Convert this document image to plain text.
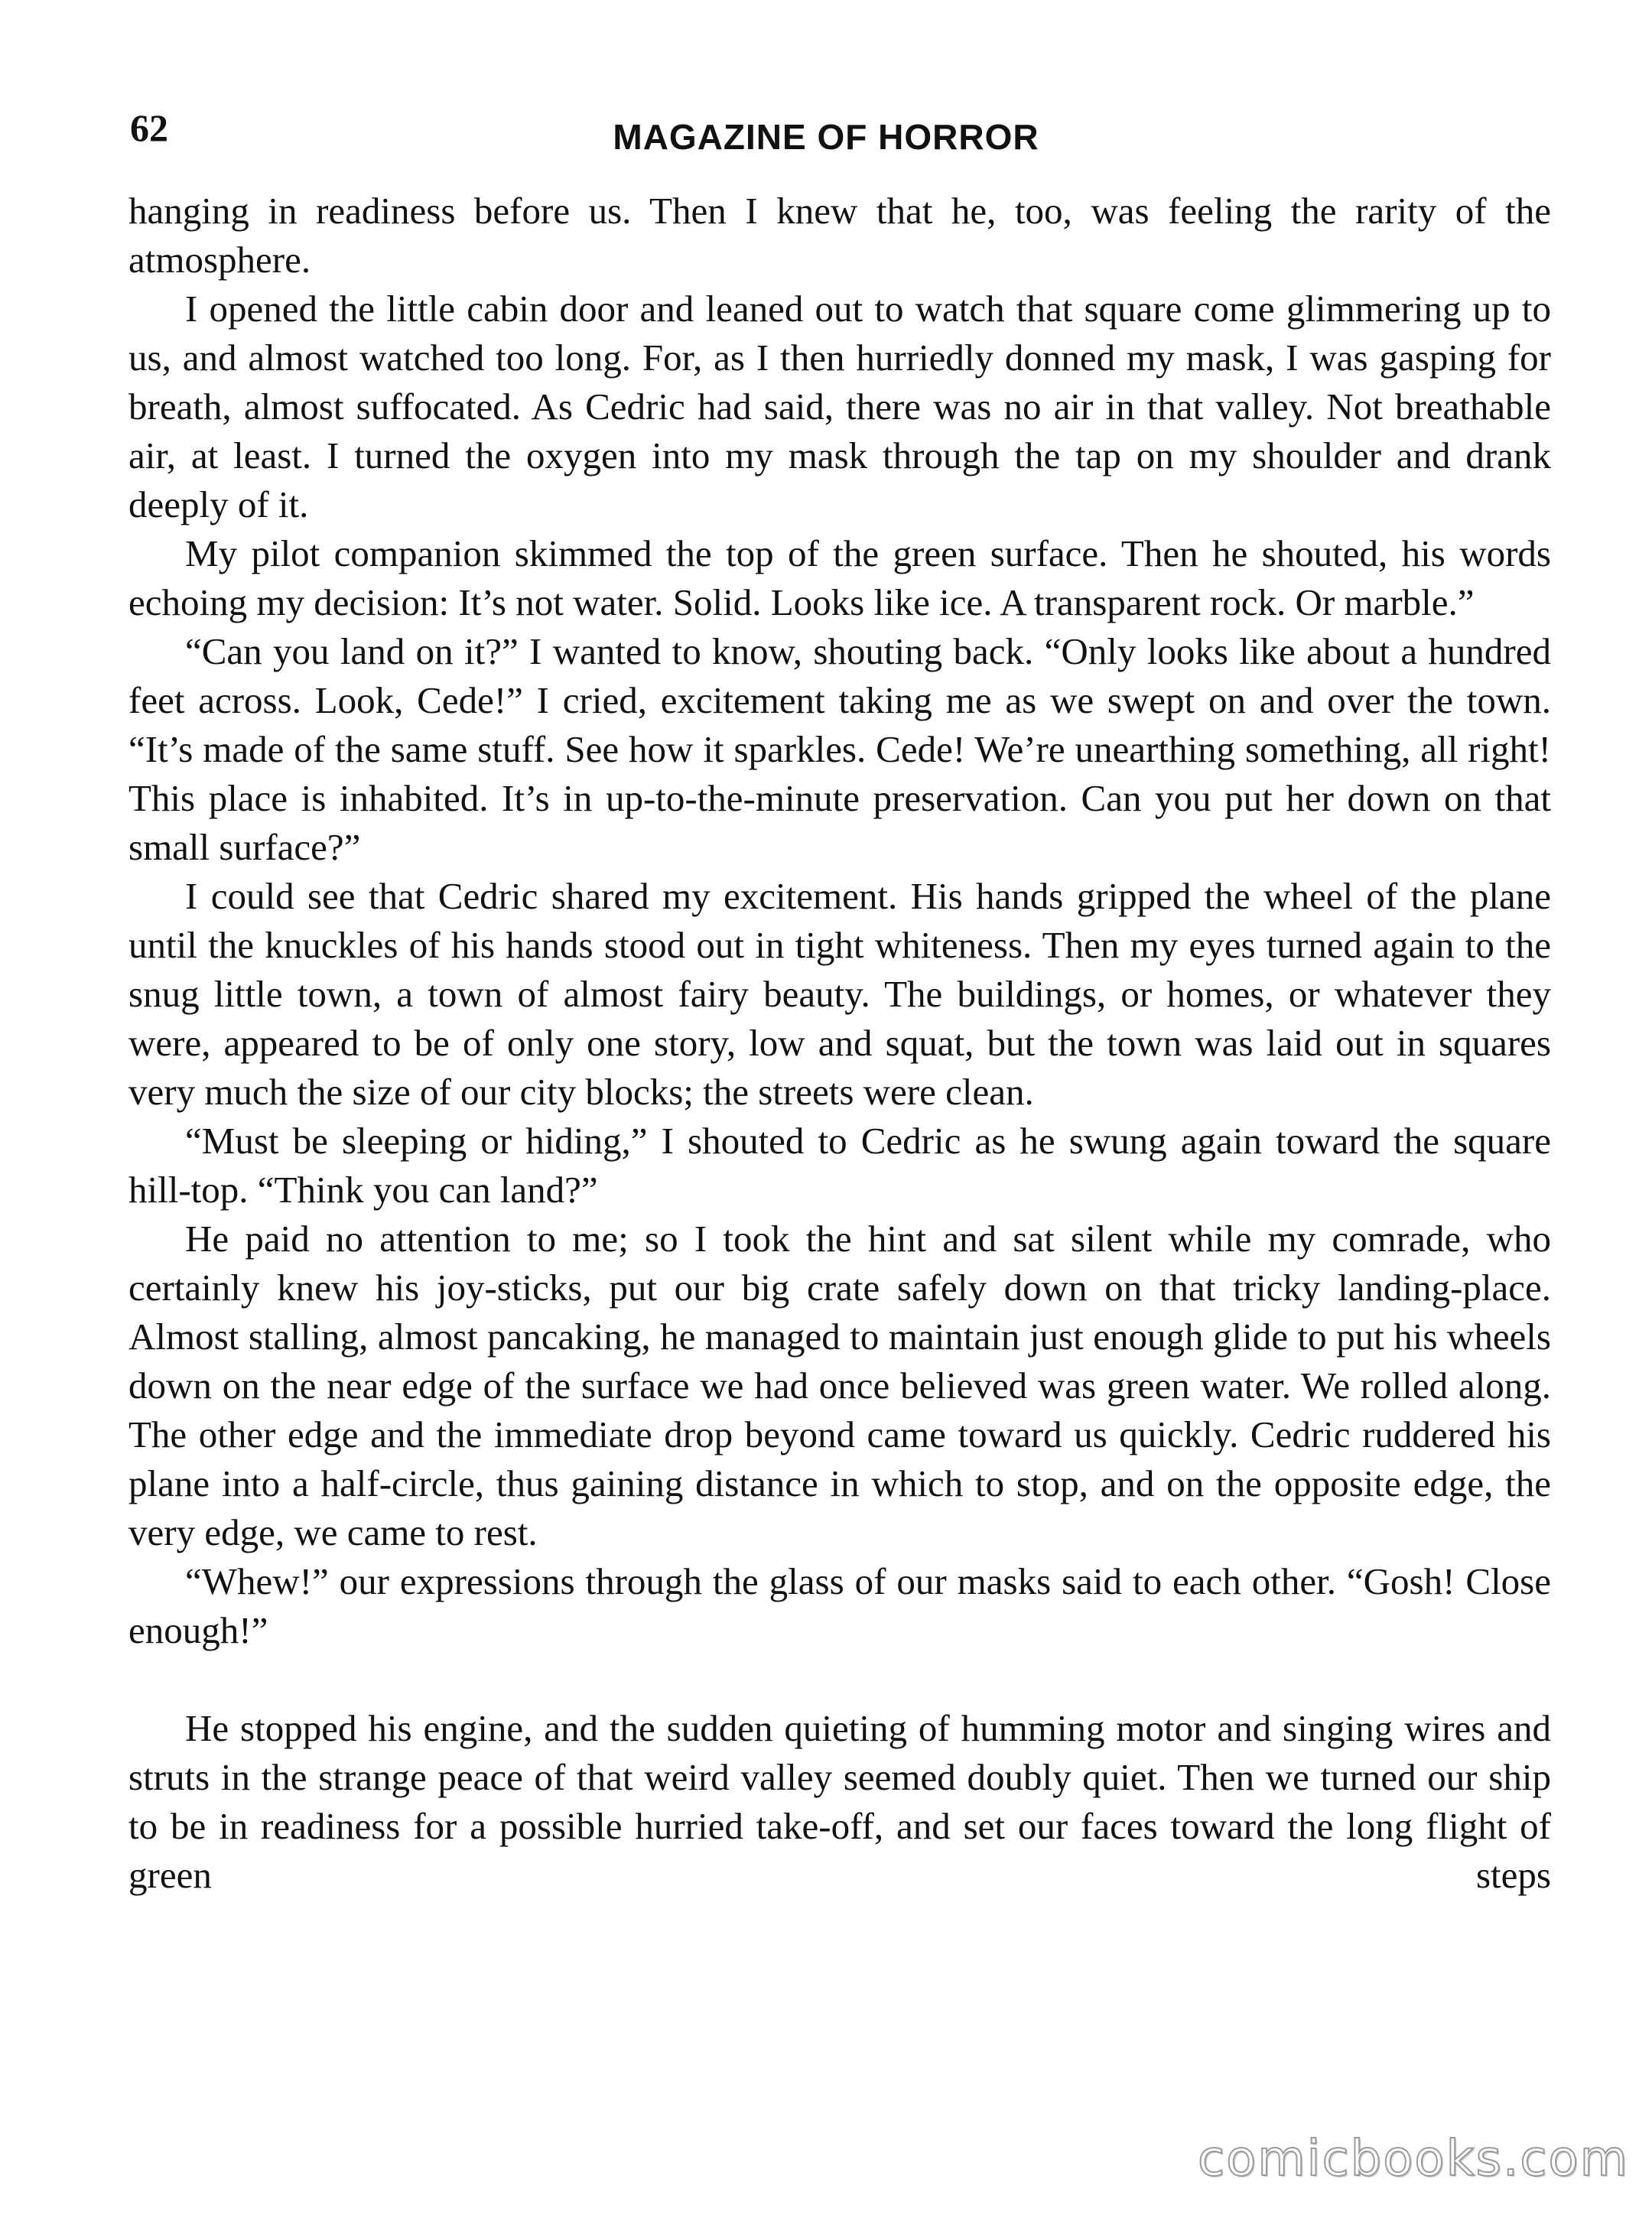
62	MAGAZINE OF HORROR

hanging in readiness before us. Then I knew that he, too, was feeling the rarity of the atmosphere.

I opened the little cabin door and leaned out to watch that square come glimmering up to us, and almost watched too long. For, as I then hurriedly donned my mask, I was gasping for breath, almost suffocated. As Cedric had said, there was no air in that valley. Not breathable air, at least. I turned the oxygen into my mask through the tap on my shoulder and drank deeply of it.

My pilot companion skimmed the top of the green surface. Then he shouted, his words echoing my decision: It’s not water. Solid. Looks like ice. A transparent rock. Or marble.”

“Can you land on it?” I wanted to know, shouting back. “Only looks like about a hundred feet across. Look, Cede!” I cried, excitement taking me as we swept on and over the town. “It’s made of the same stuff. See how it sparkles. Cede! We’re unearthing something, all right! This place is inhabited. It’s in up-to-the-minute preservation. Can you put her down on that small surface?”

I could see that Cedric shared my excitement. His hands gripped the wheel of the plane until the knuckles of his hands stood out in tight whiteness. Then my eyes turned again to the snug little town, a town of almost fairy beauty. The buildings, or homes, or whatever they were, appeared to be of only one story, low and squat, but the town was laid out in squares very much the size of our city blocks; the streets were clean.

“Must be sleeping or hiding,” I shouted to Cedric as he swung again toward the square hill-top. “Think you can land?”

He paid no attention to me; so I took the hint and sat silent while my comrade, who certainly knew his joy-sticks, put our big crate safely down on that tricky landing-place. Almost stalling, almost pancaking, he managed to maintain just enough glide to put his wheels down on the near edge of the surface we had once believed was green water. We rolled along. The other edge and the immediate drop beyond came toward us quickly. Cedric ruddered his plane into a half-circle, thus gaining distance in which to stop, and on the opposite edge, the very edge, we came to rest.

“Whew!” our expressions through the glass of our masks said to each other. “Gosh! Close enough!”

He stopped his engine, and the sudden quieting of humming motor and singing wires and struts in the strange peace of that weird valley seemed doubly quiet. Then we turned our ship to be in readiness for a possible hurried take-off, and set our faces toward the long flight of green steps

comicbooks.com
